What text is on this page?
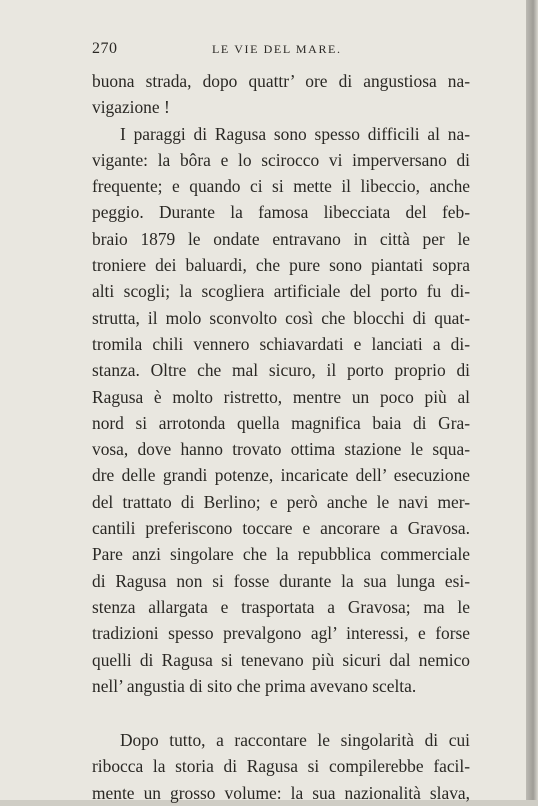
270	LE VIE DEL MARE.
buona strada, dopo quattr’ ore di angustiosa na-
vigazione !
I paraggi di Ragusa sono spesso difficili al na-
vigante: la bôra e lo scirocco vi imperversano di
frequente; e quando ci si mette il libeccio, anche
peggio. Durante la famosa libecciata del feb-
braio 1879 le ondate entravano in città per le
troniere dei baluardi, che pure sono piantati sopra
alti scogli; la scogliera artificiale del porto fu di-
strutta, il molo sconvolto così che blocchi di quat-
tromila chili vennero schiavardati e lanciati a di-
stanza. Oltre che mal sicuro, il porto proprio di
Ragusa è molto ristretto, mentre un poco più al
nord si arrotonda quella magnifica baia di Gra-
vosa, dove hanno trovato ottima stazione le squa-
dre delle grandi potenze, incaricate dell’ esecuzione
del trattato di Berlino; e però anche le navi mer-
cantili preferiscono toccare e ancorare a Gravosa.
Pare anzi singolare che la repubblica commerciale
di Ragusa non si fosse durante la sua lunga esi-
stenza allargata e trasportata a Gravosa; ma le
tradizioni spesso prevalgono agl’ interessi, e forse
quelli di Ragusa si tenevano più sicuri dal nemico
nell’ angustia di sito che prima avevano scelta.
Dopo tutto, a raccontare le singolarità di cui
ribocca la storia di Ragusa si compilerebbe facil-
mente un grosso volume: la sua nazionalità slava,
